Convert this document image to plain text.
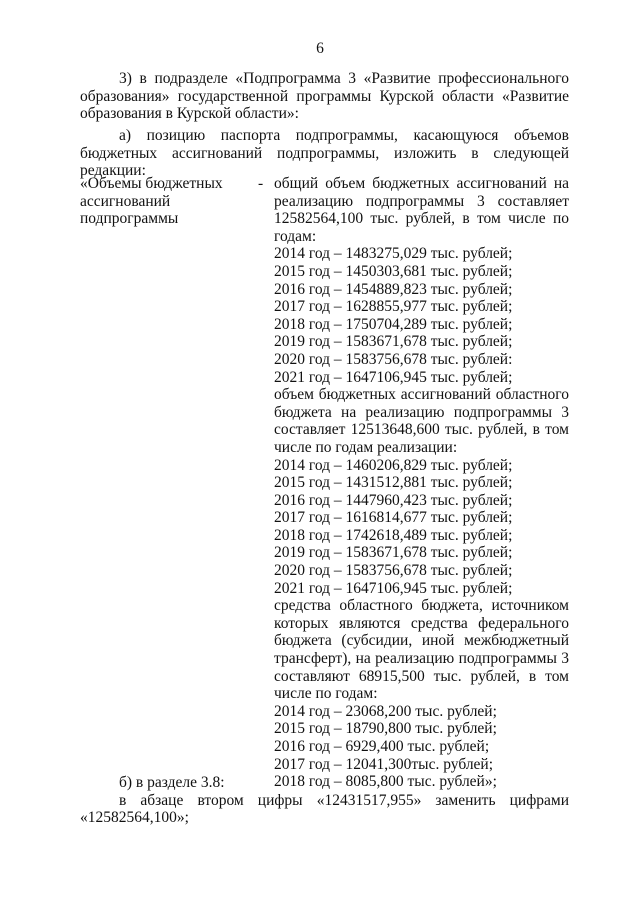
6
3) в подразделе «Подпрограмма 3 «Развитие профессионального
образования» государственной программы Курской области «Развитие
образования в Курской области»:
а) позицию паспорта подпрограммы, касающуюся объемов
бюджетных ассигнований подпрограммы, изложить в следующей
редакции:
«Объемы бюджетных
ассигнований
подпрограммы
- общий объем бюджетных ассигнований на
реализацию подпрограммы 3 составляет
12582564,100 тыс. рублей, в том числе по
годам:
2014 год – 1483275,029 тыс. рублей;
2015 год – 1450303,681 тыс. рублей;
2016 год – 1454889,823 тыс. рублей;
2017 год – 1628855,977 тыс. рублей;
2018 год – 1750704,289 тыс. рублей;
2019 год – 1583671,678 тыс. рублей;
2020 год – 1583756,678 тыс. рублей:
2021 год – 1647106,945 тыс. рублей;
объем бюджетных ассигнований областного
бюджета на реализацию подпрограммы 3
составляет 12513648,600 тыс. рублей, в том
числе по годам реализации:
2014 год – 1460206,829 тыс. рублей;
2015 год – 1431512,881 тыс. рублей;
2016 год – 1447960,423 тыс. рублей;
2017 год – 1616814,677 тыс. рублей;
2018 год – 1742618,489 тыс. рублей;
2019 год – 1583671,678 тыс. рублей;
2020 год – 1583756,678 тыс. рублей;
2021 год – 1647106,945 тыс. рублей;
средства областного бюджета, источником
которых являются средства федерального
бюджета (субсидии, иной межбюджетный
трансферт), на реализацию подпрограммы 3
составляют 68915,500 тыс. рублей, в том
числе по годам:
2014 год – 23068,200 тыс. рублей;
2015 год – 18790,800 тыс. рублей;
2016 год – 6929,400 тыс. рублей;
2017 год – 12041,300тыс. рублей;
2018 год – 8085,800 тыс. рублей»;
б) в разделе 3.8:
в абзаце втором цифры «12431517,955» заменить цифрами
«12582564,100»;
